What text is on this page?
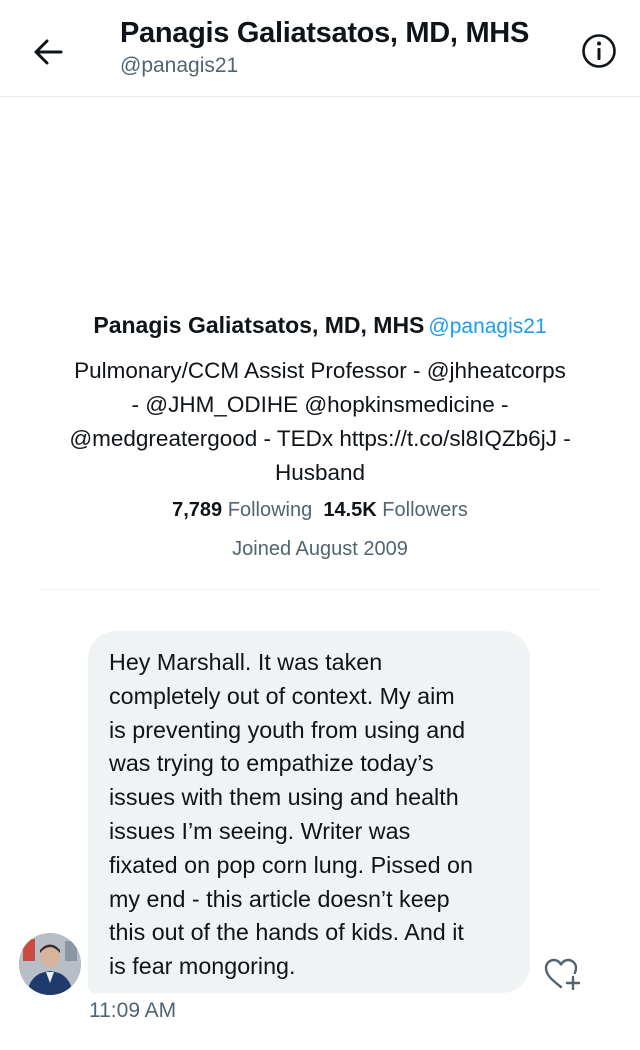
Panagis Galiatsatos, MD, MHS
@panagis21
Panagis Galiatsatos, MD, MHS @panagis21
Pulmonary/CCM Assist Professor - @jhheatcorps
- @JHM_ODIHE @hopkinsmedicine -
@medgreatergood - TEDx https://t.co/sl8IQZb6jJ -
Husband
7,789 Following 14.5K Followers
Joined August 2009

Hey Marshall. It was taken

completely out of context. My aim

is preventing youth from using and

was trying to empathize today’s

issues with them using and health

issues I’m seeing. Writer was

fixated on pop corn lung. Pissed on

my end - this article doesn’t keep

this out of the hands of kids. And it

is fear mongoring.

11:09 AM
